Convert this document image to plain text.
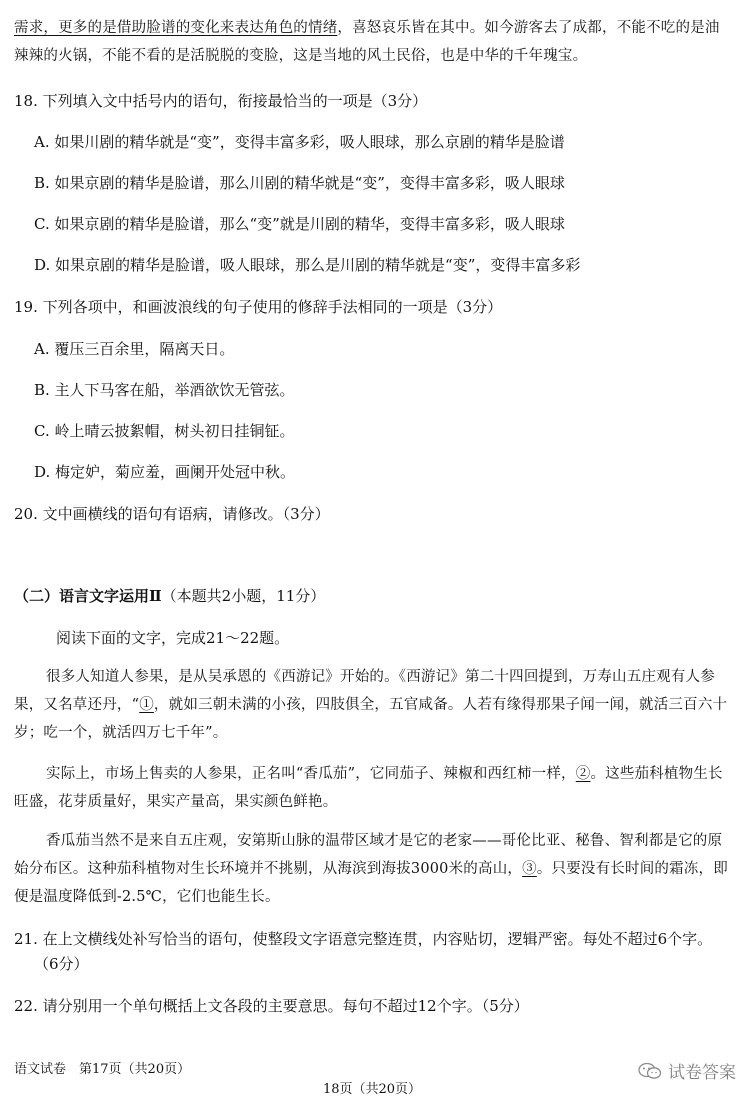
需求，更多的是借助脸谱的变化来表达角色的情绪，喜怒哀乐皆在其中。如今游客去了成都，不能不吃的是油辣辣的火锅，不能不看的是活脱脱的变脸，这是当地的风土民俗，也是中华的千年瑰宝。
18. 下列填入文中括号内的语句，衔接最恰当的一项是（3分）
A. 如果川剧的精华就是“变”，变得丰富多彩，吸人眼球，那么京剧的精华是脸谱
B. 如果京剧的精华是脸谱，那么川剧的精华就是“变”，变得丰富多彩，吸人眼球
C. 如果京剧的精华是脸谱，那么“变”就是川剧的精华，变得丰富多彩，吸人眼球
D. 如果京剧的精华是脸谱，吸人眼球，那么是川剧的精华就是“变”，变得丰富多彩
19. 下列各项中，和画波浪线的句子使用的修辞手法相同的一项是（3分）
A. 覆压三百余里，隔离天日。
B. 主人下马客在船，举酒欲饮无管弦。
C. 岭上晴云披絮帽，树头初日挂铜钲。
D. 梅定妒，菊应羞，画阑开处冠中秋。
20. 文中画横线的语句有语病，请修改。（3分）
（二）语言文字运用Ⅱ（本题共2小题，11分）
阅读下面的文字，完成21～22题。
很多人知道人参果，是从吴承恩的《西游记》开始的。《西游记》第二十四回提到，万寿山五庄观有人参果，又名草还丹，“①，就如三朝未满的小孩，四肢俱全，五官咸备。人若有缘得那果子闻一闻，就活三百六十岁；吃一个，就活四万七千年”。
实际上，市场上售卖的人参果，正名叫“香瓜茄”，它同茄子、辣椒和西红柿一样，②。这些茄科植物生长旺盛，花芽质量好，果实产量高，果实颜色鲜艳。
香瓜茄当然不是来自五庄观，安第斯山脉的温带区域才是它的老家——哥伦比亚、秘鲁、智利都是它的原始分布区。这种茄科植物对生长环境并不挑剔，从海滨到海拔3000米的高山，③。只要没有长时间的霜冻，即便是温度降低到-2.5℃，它们也能生长。
21. 在上文横线处补写恰当的语句，使整段文字语意完整连贯，内容贴切，逻辑严密。每处不超过6个字。
（6分）
22. 请分别用一个单句概括上文各段的主要意思。每句不超过12个字。（5分）
语文试卷　第17页（共20页）
18页（共20页）
试卷答案
